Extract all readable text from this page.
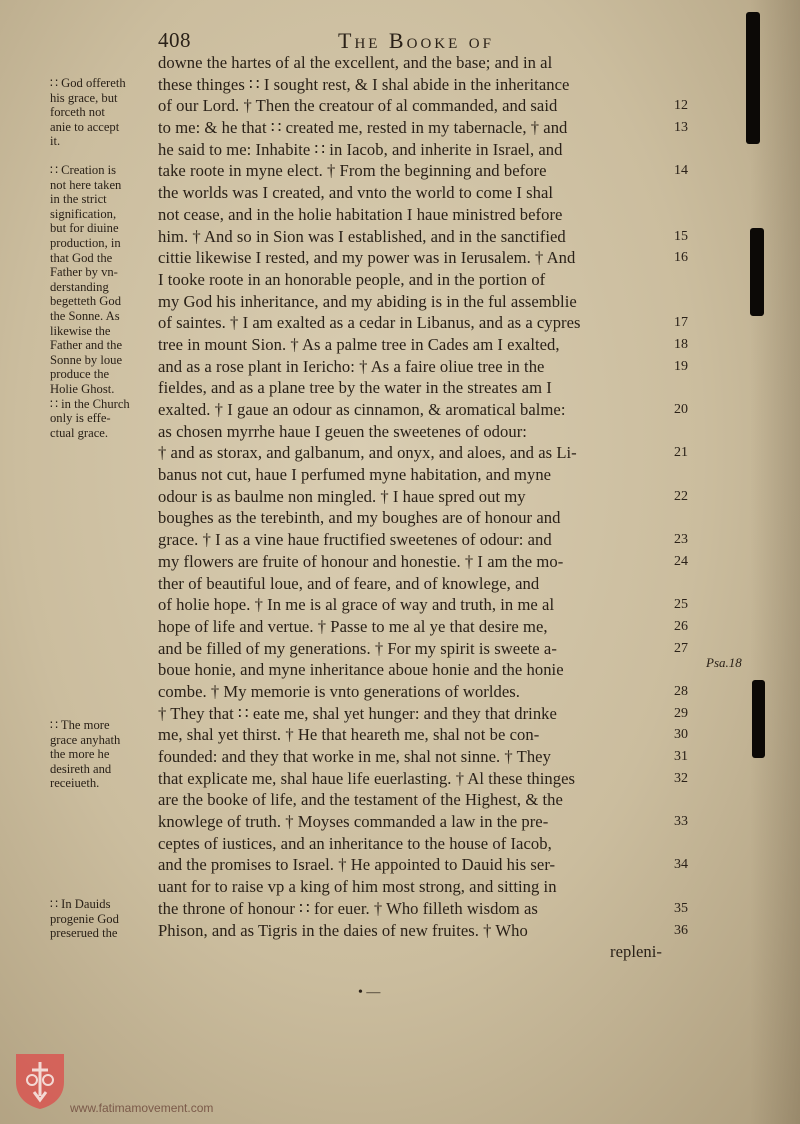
408	The Booke of
downe the hartes of al the excellent, and the base; and in al
these thinges ∷ I sought rest, & I shal abide in the inheritance
of our Lord. † Then the creatour of al commanded, and said
to me: & he that ∷ created me, rested in my tabernacle, † and
he said to me: Inhabite ∷ in Iacob, and inherite in Israel, and
take roote in myne elect. † From the beginning and before
the worlds was I created, and vnto the world to come I shal
not cease, and in the holie habitation I haue ministred before
him. † And so in Sion was I established, and in the sanctified
cittie likewise I rested, and my power was in Ierusalem. † And
I tooke roote in an honorable people, and in the portion of
my God his inheritance, and my abiding is in the ful assemblie
of saintes. † I am exalted as a cedar in Libanus, and as a cypres
tree in mount Sion. † As a palme tree in Cades am I exalted,
and as a rose plant in Iericho: † As a faire oliue tree in the
fieldes, and as a plane tree by the water in the streates am I
exalted. † I gaue an odour as cinnamon, & aromatical balme:
as chosen myrrhe haue I geuen the sweetenes of odour:
† and as storax, and galbanum, and onyx, and aloes, and as Li-
banus not cut, haue I perfumed myne habitation, and myne
odour is as baulme non mingled. † I haue spred out my
boughes as the terebinth, and my boughes are of honour and
grace. † I as a vine haue fructified sweetenes of odour: and
my flowers are fruite of honour and honestie. † I am the mo-
ther of beautiful loue, and of feare, and of knowlege, and
of holie hope. † In me is al grace of way and truth, in me al
hope of life and vertue. † Passe to me al ye that desire me,
and be filled of my generations. † For my spirit is sweete a-
boue honie, and myne inheritance aboue honie and the honie
combe. † My memorie is vnto generations of worldes.
† They that ∷ eate me, shal yet hunger: and they that drinke
me, shal yet thirst. † He that heareth me, shal not be con-
founded: and they that worke in me, shal not sinne. † They
that explicate me, shal haue life euerlasting. † Al these thinges
are the booke of life, and the testament of the Highest, & the
knowlege of truth. † Moyses commanded a law in the pre-
ceptes of iustices, and an inheritance to the house of Iacob,
and the promises to Israel. † He appointed to Dauid his ser-
uant for to raise vp a king of him most strong, and sitting in
the throne of honour ∷ for euer. † Who filleth wisdom as
Phison, and as Tigris in the daies of new fruites. † Who
repleni-
12
13
14
15
16
17
18
19
20
21
22
23
24
25
26
27
28
29
30
31
32
33
34
35
36
∷ God offereth
his grace, but
forceth not
anie to accept
it.
∷ Creation is
not here taken
in the strict
signification,
but for diuine
production, in
that God the
Father by vn-
derstanding
begetteth God
the Sonne. As
likewise the
Father and the
Sonne by loue
produce the
Holie Ghost.
∷ in the Church
only is effe-
ctual grace.
∷ The more
grace anyhath
the more he
desireth and
receiueth.
∷ In Dauids
progenie God
preserued the
Psa.18
• —
www.fatimamovement.com
